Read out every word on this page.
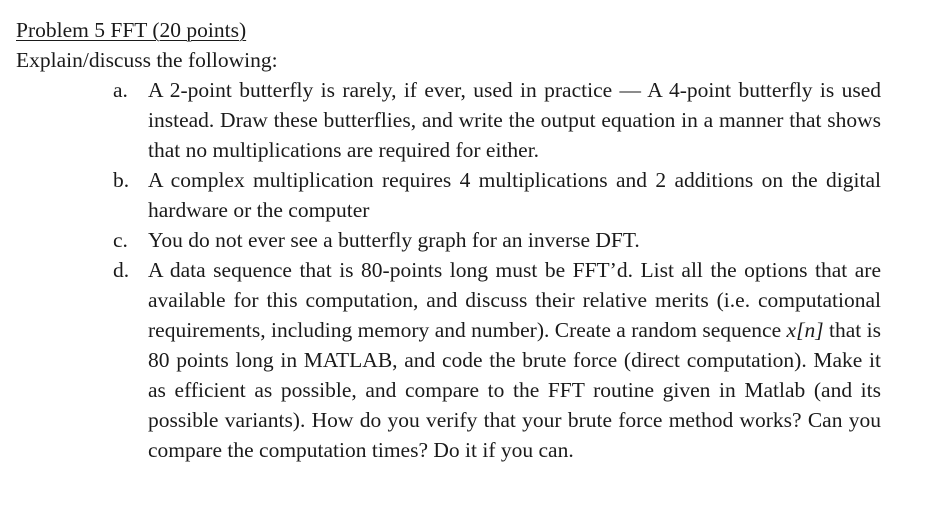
Problem 5 FFT (20 points)
Explain/discuss the following:
a. A 2-point butterfly is rarely, if ever, used in practice — A 4-point butterfly is used instead. Draw these butterflies, and write the output equation in a manner that shows that no multiplications are required for either.
b. A complex multiplication requires 4 multiplications and 2 additions on the digital hardware or the computer
c. You do not ever see a butterfly graph for an inverse DFT.
d. A data sequence that is 80-points long must be FFT’d. List all the options that are available for this computation, and discuss their relative merits (i.e. computational requirements, including memory and number). Create a random sequence x[n] that is 80 points long in MATLAB, and code the brute force (direct computation). Make it as efficient as possible, and compare to the FFT routine given in Matlab (and its possible variants). How do you verify that your brute force method works? Can you compare the computation times? Do it if you can.
